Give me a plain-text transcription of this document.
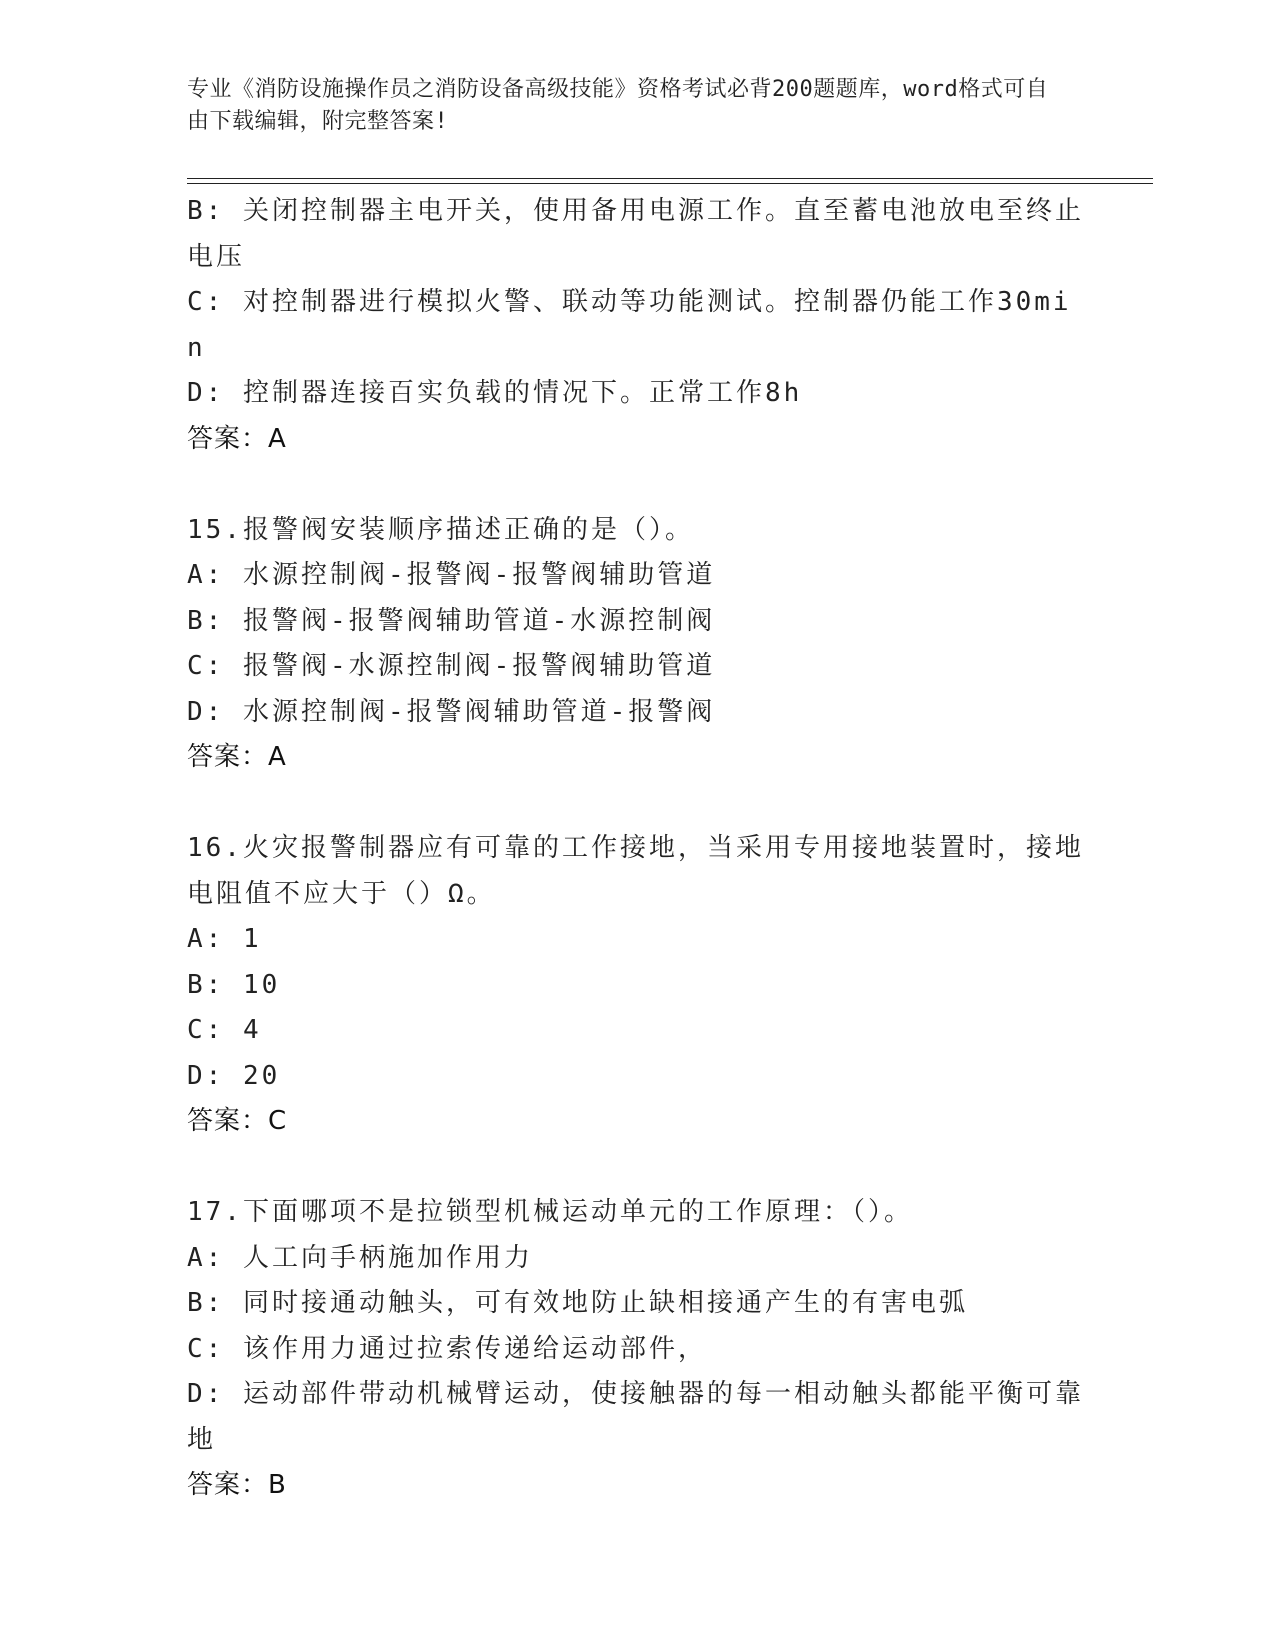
专业《消防设施操作员之消防设备高级技能》资格考试必背200题题库，word格式可自由下载编辑，附完整答案!
B: 关闭控制器主电开关，使用备用电源工作。直至蓄电池放电至终止电压
C: 对控制器进行模拟火警、联动等功能测试。控制器仍能工作30min
D: 控制器连接百实负载的情况下。正常工作8h
答案：A
15.报警阀安装顺序描述正确的是（）。
A: 水源控制阀-报警阀-报警阀辅助管道
B: 报警阀-报警阀辅助管道-水源控制阀
C: 报警阀-水源控制阀-报警阀辅助管道
D: 水源控制阀-报警阀辅助管道-报警阀
答案：A
16.火灾报警制器应有可靠的工作接地，当采用专用接地装置时，接地电阻值不应大于（）Ω。
A: 1
B: 10
C: 4
D: 20
答案：C
17.下面哪项不是拉锁型机械运动单元的工作原理：（）。
A: 人工向手柄施加作用力
B: 同时接通动触头，可有效地防止缺相接通产生的有害电弧
C: 该作用力通过拉索传递给运动部件，
D: 运动部件带动机械臂运动，使接触器的每一相动触头都能平衡可靠地
答案：B
